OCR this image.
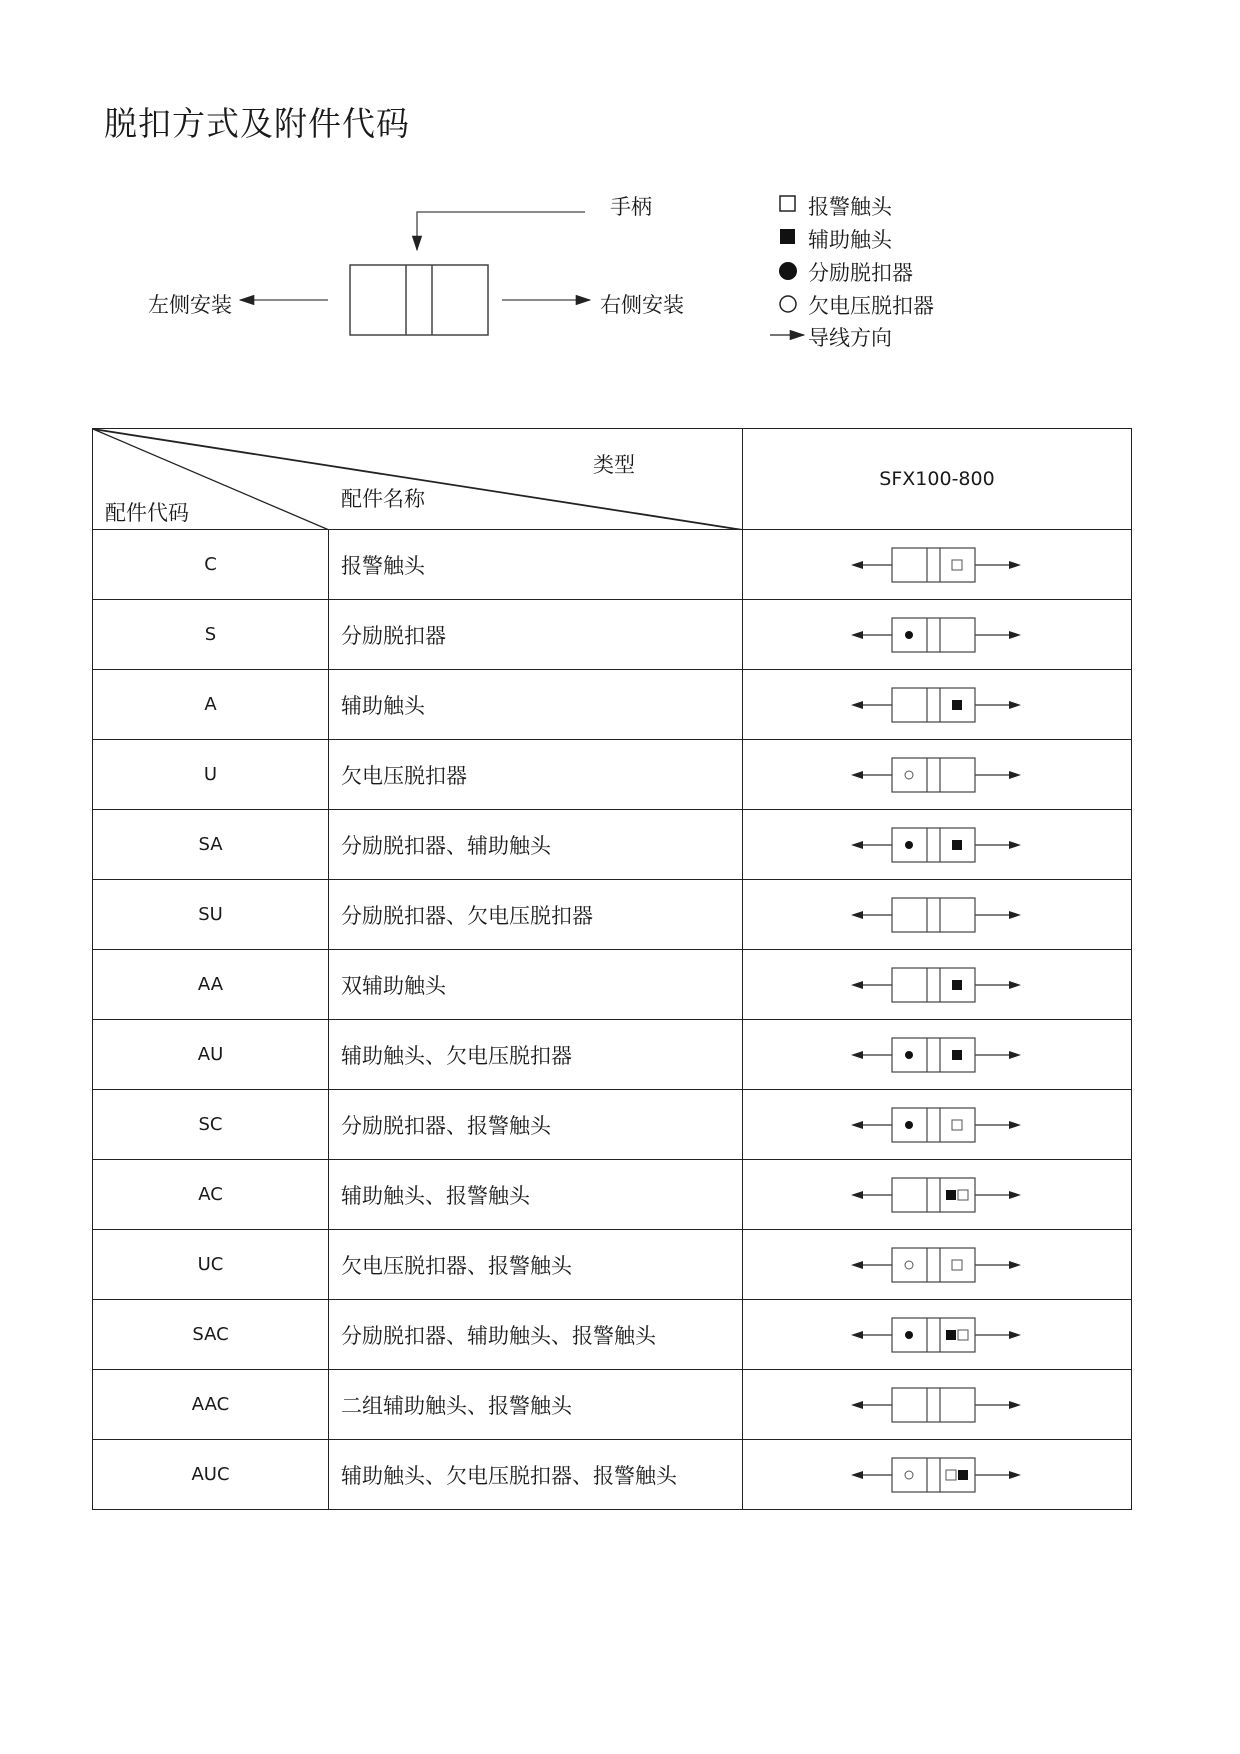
脱扣方式及附件代码
手柄
左侧安装	右侧安装
报警触头
辅助触头
分励脱扣器
欠电压脱扣器
导线方向
配件代码
配件名称
类型		SFX100-800
C	报警触头	

S	分励脱扣器	

A	辅助触头	

U	欠电压脱扣器	

SA	分励脱扣器、辅助触头	

SU	分励脱扣器、欠电压脱扣器	

AA	双辅助触头	

AU	辅助触头、欠电压脱扣器	

SC	分励脱扣器、报警触头	

AC	辅助触头、报警触头	

UC	欠电压脱扣器、报警触头	

SAC	分励脱扣器、辅助触头、报警触头	

AAC	二组辅助触头、报警触头	

AUC	辅助触头、欠电压脱扣器、报警触头	
